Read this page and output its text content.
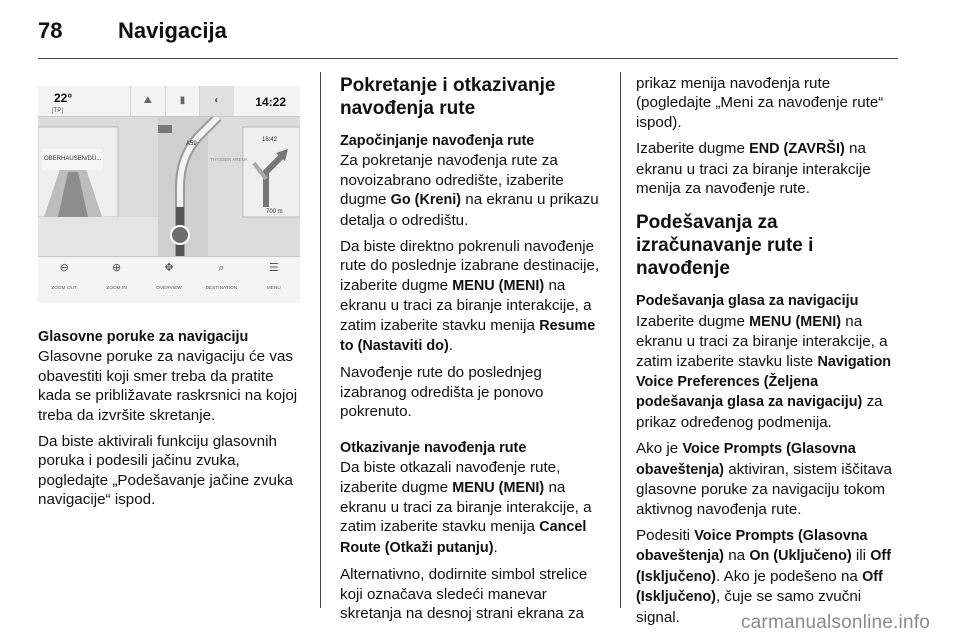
78	Navigacija
22°
[TP]
⛰	▮	◐	14:22
OBERHAUSEN/DÜ...
A59
THYSSEN ARENA
18:42
700 m
⊖
ZOOM OUT
⊕
ZOOM IN
✥
OVERVIEW
⌕
DESTINATION
☰
MENU
Glasovne poruke za navigaciju

Glasovne poruke za navigaciju će vas obavestiti koji smer treba da pratite kada se približavate raskrsnici na kojoj treba da izvršite skretanje.

Da biste aktivirali funkciju glasovnih poruka i podesili jačinu zvuka, pogledajte „Podešavanje jačine zvuka navigacije“ ispod.

Pokretanje i otkazivanje navođenja rute
Započinjanje navođenja rute

Za pokretanje navođenja rute za novoizabrano odredište, izaberite dugme Go (Kreni) na ekranu u prikazu detalja o odredištu.

Da biste direktno pokrenuli navođenje rute do poslednje izabrane destinacije, izaberite dugme MENU (MENI) na ekranu u traci za biranje interakcije, a zatim izaberite stavku menija Resume to (Nastaviti do).

Navođenje rute do poslednjeg izabranog odredišta je ponovo pokrenuto.

Otkazivanje navođenja rute

Da biste otkazali navođenje rute, izaberite dugme MENU (MENI) na ekranu u traci za biranje interakcije, a zatim izaberite stavku menija Cancel Route (Otkaži putanju).

Alternativno, dodirnite simbol strelice koji označava sledeći manevar skretanja na desnoj strani ekrana za

prikaz menija navođenja rute (pogledajte „Meni za navođenje rute“ ispod).

Izaberite dugme END (ZAVRŠI) na ekranu u traci za biranje interakcije menija za navođenje rute.

Podešavanja za izračunavanje rute i navođenje
Podešavanja glasa za navigaciju

Izaberite dugme MENU (MENI) na ekranu u traci za biranje interakcije, a zatim izaberite stavku liste Navigation Voice Preferences (Željena podešavanja glasa za navigaciju) za prikaz određenog podmenija.

Ako je Voice Prompts (Glasovna obaveštenja) aktiviran, sistem iščitava glasovne poruke za navigaciju tokom aktivnog navođenja rute.

Podesiti Voice Prompts (Glasovna obaveštenja) na On (Uključeno) ili Off (Isključeno). Ako je podešeno na Off (Isključeno), čuje se samo zvučni signal.	carmanualsonline.info
